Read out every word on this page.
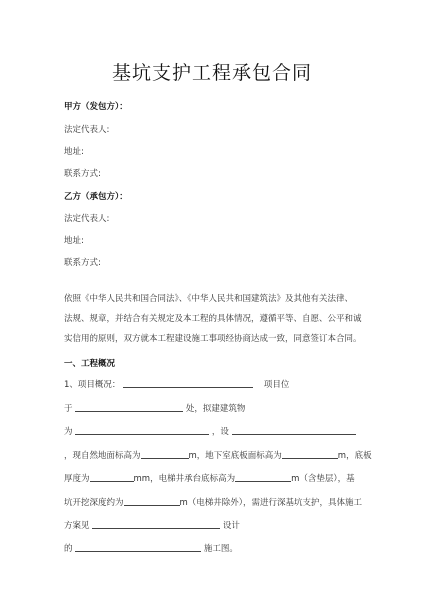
基坑支护工程承包合同
甲方（发包方）：
法定代表人:
地址:
联系方式:
乙方（承包方）：
法定代表人:
地址:
联系方式:
依照《中华人民共和国合同法》、《中华人民共和国建筑法》及其他有关法律、
法规、规章，并结合有关规定及本工程的具体情况，遵循平等、自愿、公平和诚
实信用的原则，双方就本工程建设施工事项经协商达成一致，同意签订本合同。
一、工程概况
1、项目概况：	项目位
于	处，拟建建筑物
为	，设
，现自然地面标高为	m，地下室底板面标高为	m，底板
厚度为	mm，电梯井承台底标高为	m（含垫层），基
坑开挖深度约为	m（电梯井除外），需进行深基坑支护，具体施工
方案见	设计
的	施工图。
